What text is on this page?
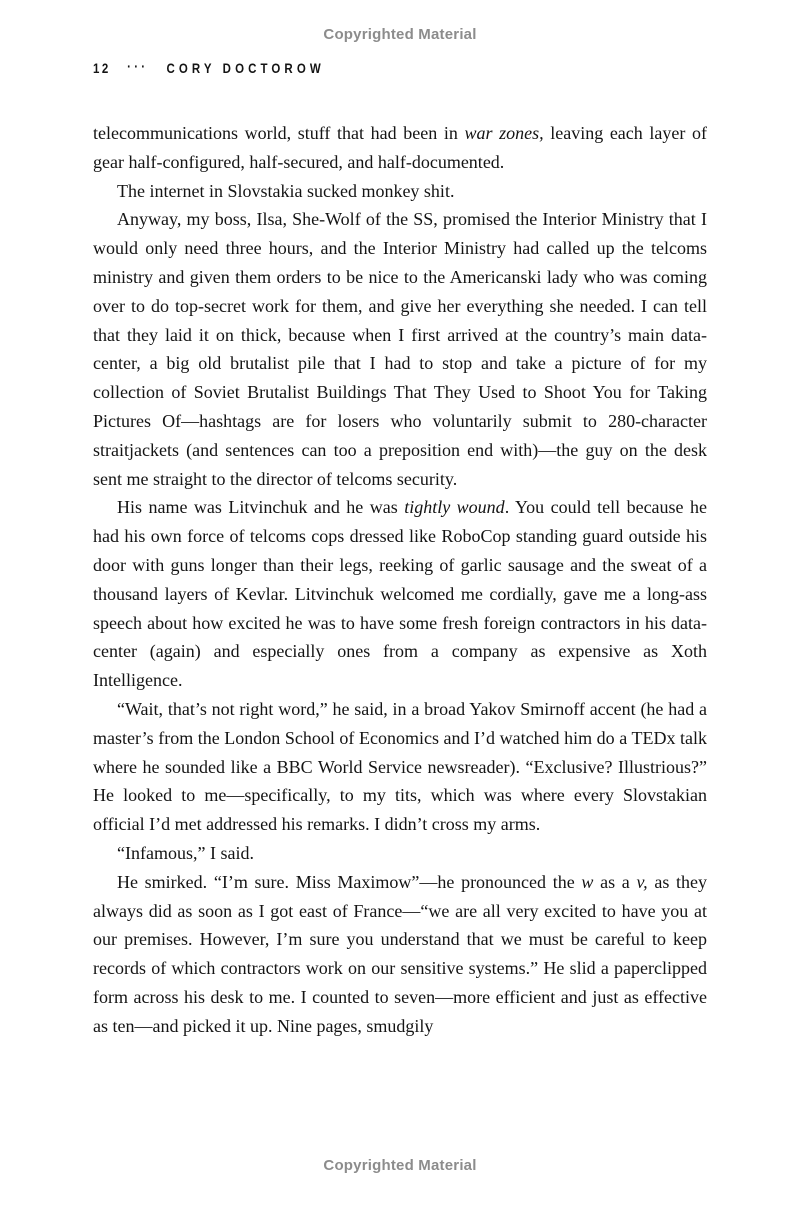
Copyrighted Material
12 ··· CORY DOCTOROW

telecommunications world, stuff that had been in war zones, leaving each layer of gear half-configured, half-secured, and half-documented.

The internet in Slovstakia sucked monkey shit.

Anyway, my boss, Ilsa, She-Wolf of the SS, promised the Interior Ministry that I would only need three hours, and the Interior Ministry had called up the telcoms ministry and given them orders to be nice to the Americanski lady who was coming over to do top-secret work for them, and give her everything she needed. I can tell that they laid it on thick, because when I first arrived at the country’s main data-center, a big old brutalist pile that I had to stop and take a picture of for my collection of Soviet Brutalist Buildings That They Used to Shoot You for Taking Pictures Of—hashtags are for losers who voluntarily submit to 280-character straitjackets (and sentences can too a preposition end with)—the guy on the desk sent me straight to the director of telcoms security.

His name was Litvinchuk and he was tightly wound. You could tell because he had his own force of telcoms cops dressed like RoboCop standing guard outside his door with guns longer than their legs, reeking of garlic sausage and the sweat of a thousand layers of Kevlar. Litvinchuk welcomed me cordially, gave me a long-ass speech about how excited he was to have some fresh foreign contractors in his data-center (again) and especially ones from a company as expensive as Xoth Intelligence.

“Wait, that’s not right word,” he said, in a broad Yakov Smirnoff accent (he had a master’s from the London School of Economics and I’d watched him do a TEDx talk where he sounded like a BBC World Service newsreader). “Exclusive? Illustrious?” He looked to me—specifically, to my tits, which was where every Slovstakian official I’d met addressed his remarks. I didn’t cross my arms.

“Infamous,” I said.

He smirked. “I’m sure. Miss Maximow”—he pronounced the w as a v, as they always did as soon as I got east of France—“we are all very excited to have you at our premises. However, I’m sure you understand that we must be careful to keep records of which contractors work on our sensitive systems.” He slid a paperclipped form across his desk to me. I counted to seven—more efficient and just as effective as ten—and picked it up. Nine pages, smudgily

Copyrighted Material
